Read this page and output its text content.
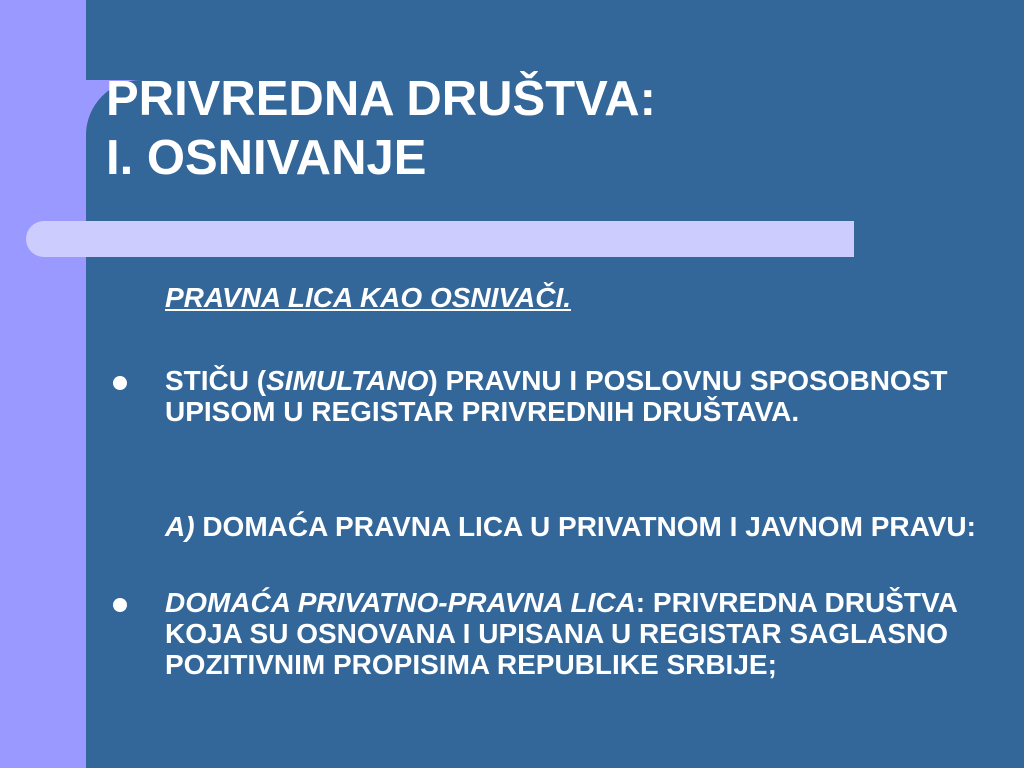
PRIVREDNA DRUŠTVA:
I. OSNIVANJE
PRAVNA LICA KAO OSNIVAČI.
STIČU (SIMULTANO) PRAVNU I POSLOVNU SPOSOBNOST UPISOM U REGISTAR PRIVREDNIH DRUŠTAVA.
A) DOMAĆA PRAVNA LICA U PRIVATNOM I JAVNOM PRAVU:
DOMAĆA PRIVATNO-PRAVNA LICA: PRIVREDNA DRUŠTVA KOJA SU OSNOVANA I UPISANA U REGISTAR SAGLASNO POZITIVNIM PROPISIMA REPUBLIKE SRBIJE;
